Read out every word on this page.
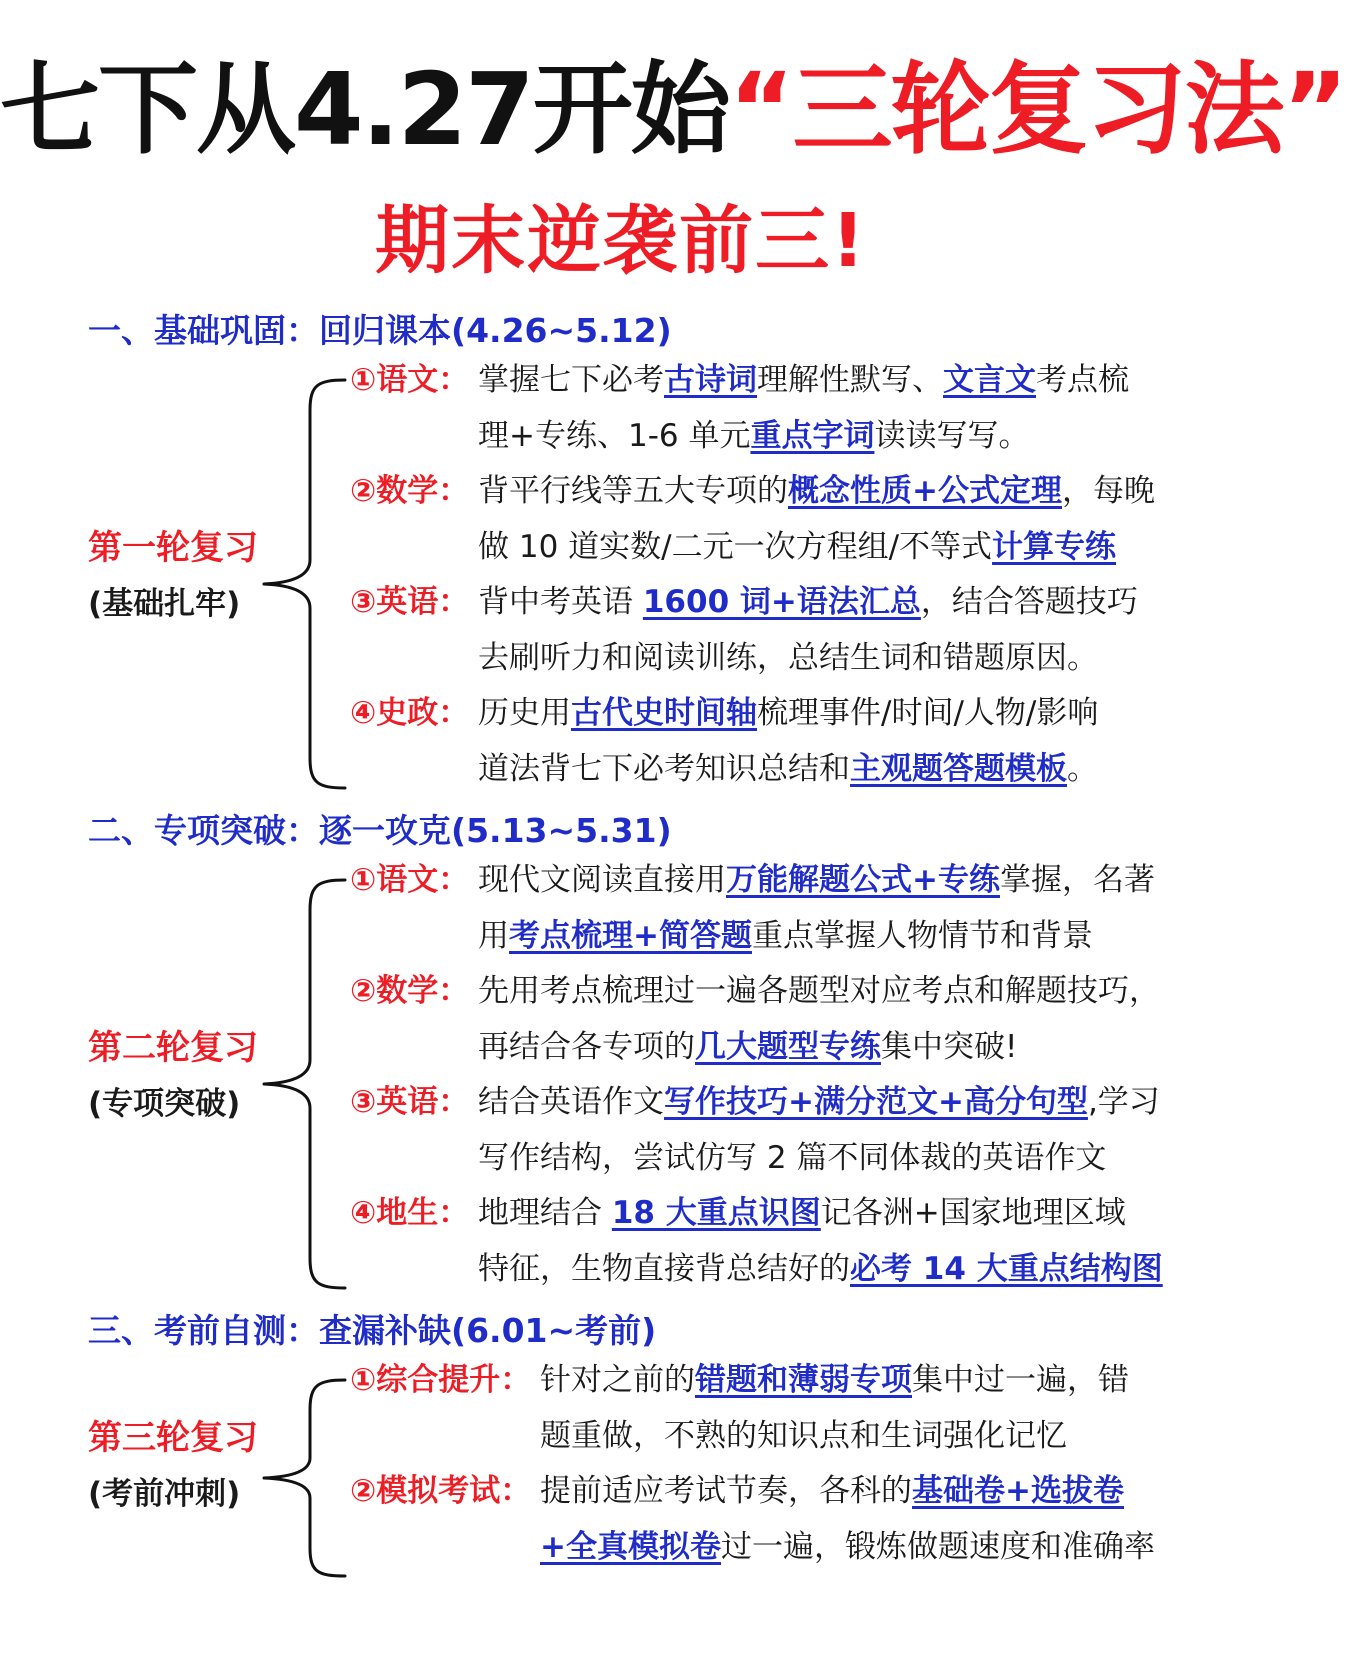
七下从4.27开始“三轮复习法”
期末逆袭前三!
一、基础巩固：回归课本(4.26~5.12)
第一轮复习
(基础扎牢)
①语文： 掌握七下必考古诗词理解性默写、文言文考点梳
理+专练、1-6 单元重点字词读读写写。
②数学： 背平行线等五大专项的概念性质+公式定理，每晚
做 10 道实数/二元一次方程组/不等式计算专练
③英语： 背中考英语 1600 词+语法汇总，结合答题技巧
去刷听力和阅读训练，总结生词和错题原因。
④史政： 历史用古代史时间轴梳理事件/时间/人物/影响
道法背七下必考知识总结和主观题答题模板。
二、专项突破：逐一攻克(5.13~5.31)
第二轮复习
(专项突破)
①语文： 现代文阅读直接用万能解题公式+专练掌握，名著
用考点梳理+简答题重点掌握人物情节和背景
②数学： 先用考点梳理过一遍各题型对应考点和解题技巧，
再结合各专项的几大题型专练集中突破!
③英语： 结合英语作文写作技巧+满分范文+高分句型,学习
写作结构，尝试仿写 2 篇不同体裁的英语作文
④地生： 地理结合 18 大重点识图记各洲+国家地理区域
特征，生物直接背总结好的必考 14 大重点结构图
三、考前自测：查漏补缺(6.01~考前)
第三轮复习
(考前冲刺)
①综合提升： 针对之前的错题和薄弱专项集中过一遍，错
题重做，不熟的知识点和生词强化记忆
②模拟考试： 提前适应考试节奏，各科的基础卷+选拔卷
+全真模拟卷过一遍，锻炼做题速度和准确率
